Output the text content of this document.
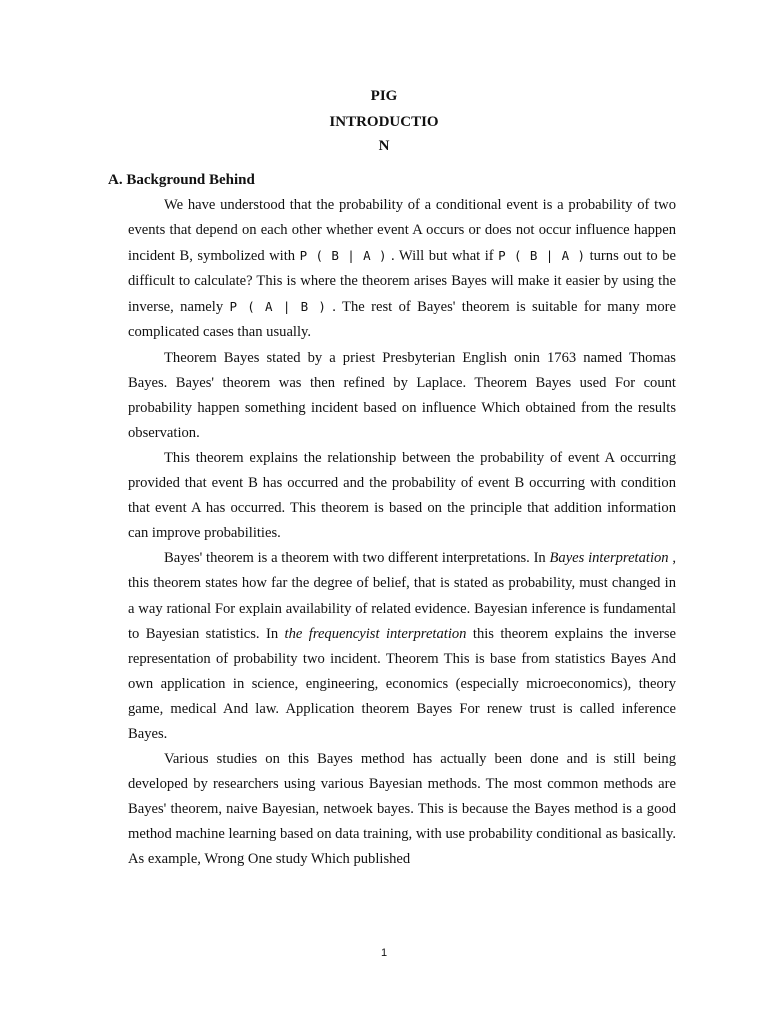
PIG
INTRODUCTIO
N
A. Background Behind

We have understood that the probability of a conditional event is a probability of two events that depend on each other whether event A occurs or does not occur influence happen incident B, symbolized with P ( B | A ) . Will but what if P ( B | A ) turns out to be difficult to calculate? This is where the theorem arises Bayes will make it easier by using the inverse, namely P ( A | B ) . The rest of Bayes' theorem is suitable for many more complicated cases than usually.

Theorem Bayes stated by a priest Presbyterian English onin 1763 named Thomas Bayes. Bayes' theorem was then refined by Laplace. Theorem Bayes used For count probability happen something incident based on influence Which obtained from the results observation.

This theorem explains the relationship between the probability of event A occurring provided that event B has occurred and the probability of event B occurring with condition that event A has occurred. This theorem is based on the principle that addition information can improve probabilities.

Bayes' theorem is a theorem with two different interpretations. In Bayes interpretation , this theorem states how far the degree of belief, that is stated as probability, must changed in a way rational For explain availability of related evidence. Bayesian inference is fundamental to Bayesian statistics. In the frequencyist interpretation this theorem explains the inverse representation of probability two incident. Theorem This is base from statistics Bayes And own application in science, engineering, economics (especially microeconomics), theory game, medical And law. Application theorem Bayes For renew trust is called inference Bayes.

Various studies on this Bayes method has actually been done and is still being developed by researchers using various Bayesian methods. The most common methods are Bayes' theorem, naive Bayesian, netwoek bayes. This is because the Bayes method is a good method machine learning based on data training, with use probability conditional as basically. As example, Wrong One study Which published

1
